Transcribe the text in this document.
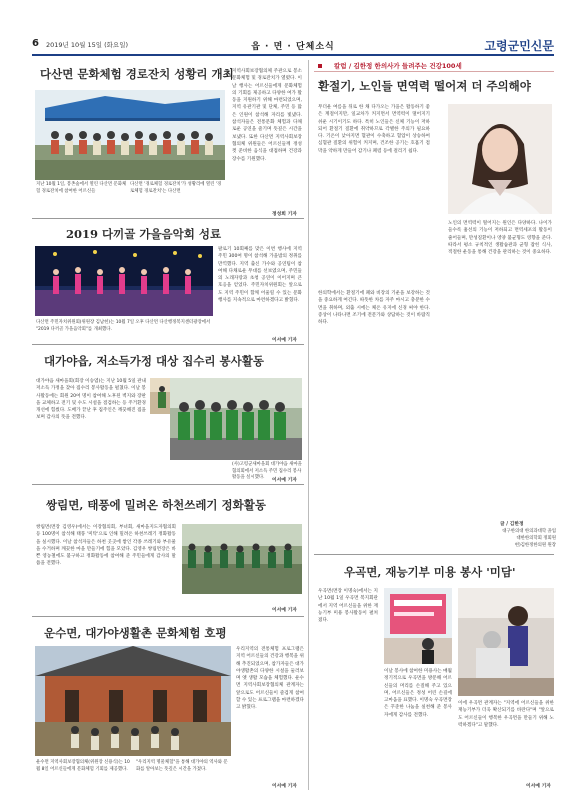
6 2019년 10월 15일 (화요일)	읍 · 면 · 단체소식	고령군민신문
다산면 문화체험 경로잔치 성황리 개최
지난 10월 1일, 봉촌숲에서 열린 다산면 문화체험 경로잔치에 참여한 어르신들
다산면 '경로체험 경로잔치'가 성황리에 열린 '경로체험 경로잔치'는 다산면
지역사회보장협의체 주관으로 봉소 문화체험 및 경로잔치가 열렸다. 이날 행사는 어르신들에게 문화체험의 기회를 제공하고 다양한 여가 활동을 지원하기 위해 마련되었으며, 지역 유관기관 및 단체, 주민 등 많은 인원이 참석해 자리를 빛냈다. 참석자들은 전통문화 체험과 다채로운 공연을 즐기며 뜻깊은 시간을 보냈다. 또한 다산면 지역사회보장협의체 위원들은 어르신들께 정성껏 준비한 음식을 대접하며 건강과 장수를 기원했다.
정성희 기자
2019 다끼골 가을음악회 성료
다산면 주민자치위원회(위원장 김남헌)는 10월 7일 오후 다산면 다산행정복지센터광장에서 "2019 다끼골 가을음악회"를 개최했다.
팔로기 10회째를 맞은 이번 행사에 지역 주민 300여 명이 참석해 가을밤의 정취를 만끽했다. 지역 출신 가수와 공연팀이 참여해 다채로운 무대를 선보였으며, 주민들의 노래자랑과 초청 공연이 이어지며 큰 호응을 얻었다. 주민자치위원회는 앞으로도 지역 주민이 함께 어울릴 수 있는 문화 행사를 지속적으로 마련하겠다고 밝혔다.
이서예 기자
대가야읍, 저소득가정 대상 집수리 봉사활동
대가야읍 새마을회(회장 이승엽)는 지난 10월 5일 관내 저소득 가정을 찾아 집수리 봉사활동을 펼쳤다. 이날 봉사활동에는 회원 20여 명이 참여해 노후된 벽지와 장판을 교체하고 전기 및 수도 시설을 점검하는 등 주거환경 개선에 힘썼다. 도배가 끝난 후 집주인은 깨끗해진 집을 보며 감사의 뜻을 전했다.
(사)고령군새마을회 대가야읍 새마을협의회에서 저소득 주민 집수리 봉사활동을 실시했다.
이서예 기자
쌍림면, 태풍에 밀려온 하천쓰레기 정화활동
쌍림면(면장 김영우)에서는 이장협의회, 부녀회, 새마을지도자협의회 등 100명이 참석해 태풍 '미탁'으로 인해 밀려온 하천쓰레기 정화활동을 실시했다. 이날 참석자들은 하천 곳곳에 쌓인 각종 쓰레기와 부유물을 수거하며 깨끗한 마을 만들기에 힘을 모았다. 김영우 쌍림면장은 바쁜 영농철에도 불구하고 정화활동에 참여해 준 주민들에게 감사의 말씀을 전했다.
이서예 기자
운수면, 대가야생활촌 문화체험 호평
운수면 지역사회보장협의체(위원장 신용식)는 10월 8일 어르신들에게 문화체험 기회를 제공했다.
"우리지역 명물체험"을 통해 대가야의 역사와 문화를 알아보는 뜻깊은 시간을 가졌다.
우리지역의 전통체험 프로그램은 지역 어르신들의 건강과 행복을 위해 추진되었으며, 참가자들은 대가야생활촌의 다양한 시설을 둘러보며 옛 생활 모습을 체험했다. 운수면 지역사회보장협의체 관계자는 앞으로도 어르신들이 즐겁게 참여할 수 있는 프로그램을 마련하겠다고 밝혔다.
이서예 기자
칼럼 / 김한정 한의사가 들려주는 건강100세
환절기, 노인들 면역력 떨어져 더 주의해야
무더운 여름을 뒤로 한 채 다가오는 가을은 활동하기 좋은 계절이지만, 일교차가 커지면서 면역력이 떨어지기 쉬운 시기이기도 하다. 특히 노인들은 신체 기능이 저하되어 환절기 질환에 취약하므로 각별한 주의가 필요하다. 기온이 낮아지면 혈관이 수축하고 혈압이 상승하여 심혈관 질환의 위험이 커지며, 건조한 공기는 호흡기 점막을 약하게 만들어 감기나 폐렴 등에 걸리기 쉽다.
노인의 면역력이 떨어지는 원인은 다양하다. 나이가 들수록 흉선의 기능이 저하되고 면역세포의 활동이 줄어들며, 만성질환이나 영양 불균형도 영향을 준다. 따라서 평소 규칙적인 생활습관과 균형 잡힌 식사, 적절한 운동을 통해 건강을 관리하는 것이 중요하다.
한의학에서는 환절기에 폐와 비장의 기운을 보강하는 것을 중요하게 여긴다. 따뜻한 차를 자주 마시고 충분한 수면을 취하며, 외출 시에는 체온 유지에 신경 써야 한다. 증상이 나타나면 조기에 전문가와 상담하는 것이 바람직하다.
글 / 김한정
대구한의대 한의과대학 졸업
대한한의학회 정회원
현)김한정한의원 원장
우곡면, 재능기부 미용 봉사 '미담'
우곡면(면장 이명숙)에서는 지난 10월 1일 우곡면 복지회관에서 지역 어르신들을 위한 재능기부 미용 봉사활동이 펼쳐졌다.
이날 봉사에 참여한 미용사는 매월 정기적으로 우곡면을 방문해 어르신들의 머리를 손질해 주고 있으며, 어르신들은 정성 어린 손길에 고마움을 표했다. 이명숙 우곡면장은 꾸준한 나눔을 실천해 준 봉사자에게 감사를 전했다.
이에 우곡면 관계자는 "지역에 어르신들을 위한 재능기부가 더욱 확산되기를 바란다"며 "앞으로도 어르신들이 행복한 우곡면을 만들기 위해 노력하겠다"고 말했다.
이서예 기자
